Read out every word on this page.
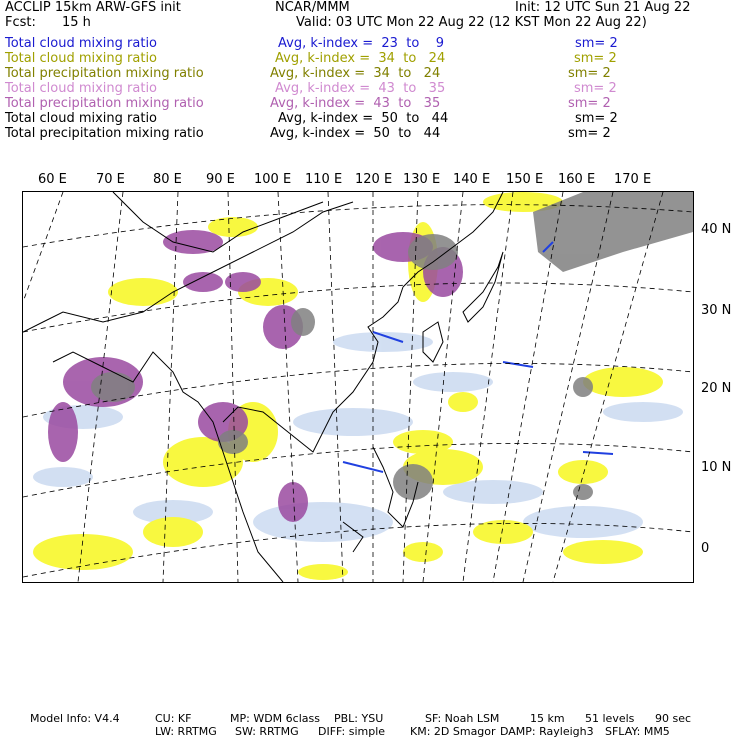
ACCLIP 15km ARW-GFS init	NCAR/MMM	Init: 12 UTC Sun 21 Aug 22
Fcst: 15 h	Valid: 03 UTC Mon 22 Aug 22 (12 KST Mon 22 Aug 22)
Total cloud mixing ratio	Avg, k-index =  23  to    9	sm= 2
Total cloud mixing ratio	Avg, k-index =  34  to   24	sm= 2
Total precipitation mixing ratio	Avg, k-index =  34  to   24	sm= 2
Total cloud mixing ratio	Avg, k-index =  43  to   35	sm= 2
Total precipitation mixing ratio	Avg, k-index =  43  to   35	sm= 2
Total cloud mixing ratio	Avg, k-index =  50  to   44	sm= 2
Total precipitation mixing ratio	Avg, k-index =  50  to   44	sm= 2
60 E 70 E 80 E 90 E 100 E 110 E 120 E 130 E 140 E 150 E 160 E 170 E
40 N
30 N
20 N
10 N
0
Model Info: V4.4	CU: KF	MP: WDM 6class PBL: YSU	SF: Noah LSM	15 km 51 levels 90 sec
LW: RRTMG SW: RRTMG DIFF: simple KM: 2D Smagor DAMP: Rayleigh3 SFLAY: MM5
